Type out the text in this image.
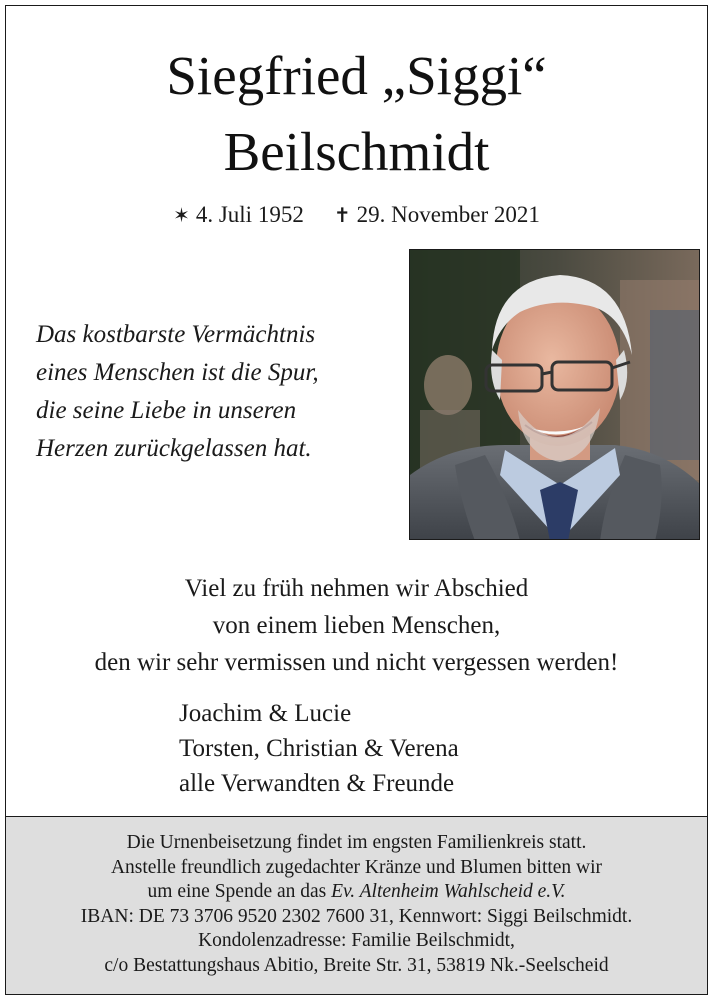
Siegfried „Siggi“
Beilschmidt
✶ 4. Juli 1952 ✝ 29. November 2021
Das kostbarste Vermächtnis
eines Menschen ist die Spur,
die seine Liebe in unseren
Herzen zurückgelassen hat.
Viel zu früh nehmen wir Abschied
von einem lieben Menschen,
den wir sehr vermissen und nicht vergessen werden!
Joachim & Lucie
Torsten, Christian & Verena
alle Verwandten & Freunde
Die Urnenbeisetzung findet im engsten Familienkreis statt.
Anstelle freundlich zugedachter Kränze und Blumen bitten wir
um eine Spende an das Ev. Altenheim Wahlscheid e.V.
IBAN: DE 73 3706 9520 2302 7600 31, Kennwort: Siggi Beilschmidt.
Kondolenzadresse: Familie Beilschmidt,
c/o Bestattungshaus Abitio, Breite Str. 31, 53819 Nk.-Seelscheid
